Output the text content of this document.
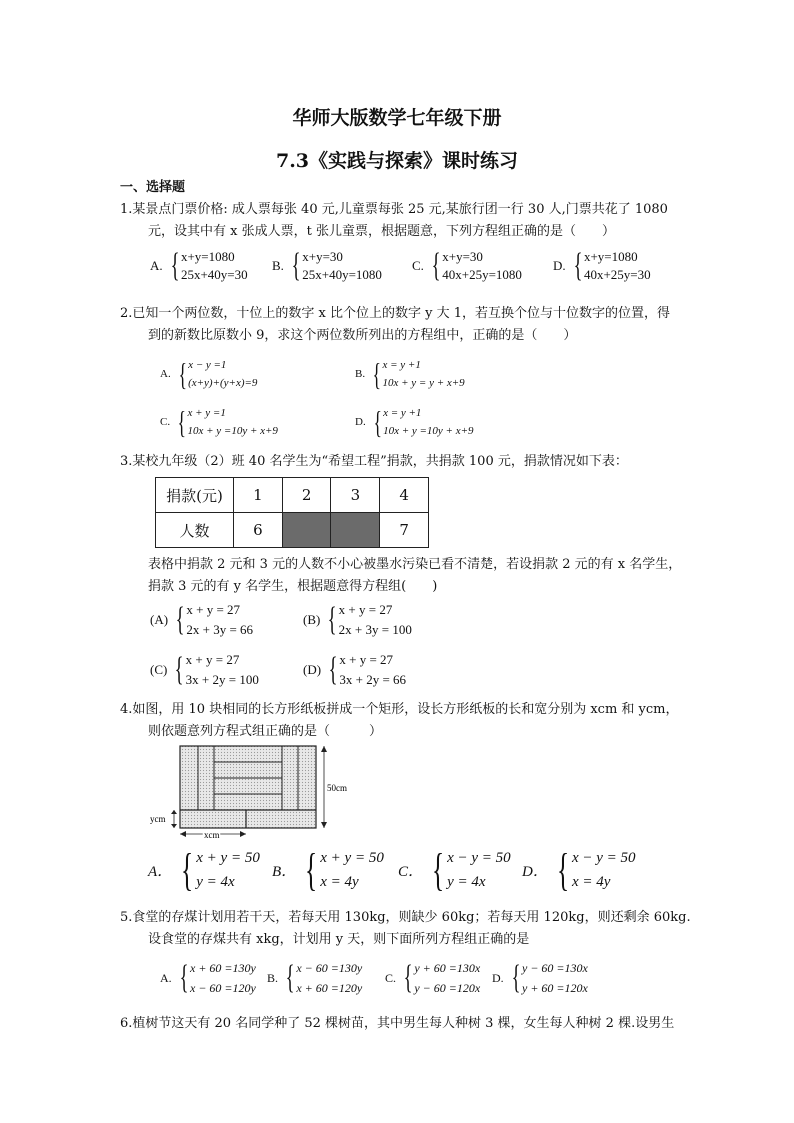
华师大版数学七年级下册
7.3《实践与探索》课时练习
一、选择题
1.某景点门票价格: 成人票每张 40 元,儿童票每张 25 元,某旅行团一行 30 人,门票共花了 1080
元，设其中有 x 张成人票，t 张儿童票，根据题意，下列方程组正确的是（　　）
A. { x+y=1080
25x+40y=30
B. { x+y=30
25x+40y=1080
C. { x+y=30
40x+25y=1080
D. { x+y=1080
40x+25y=30
2.已知一个两位数，十位上的数字 x 比个位上的数字 y 大 1，若互换个位与十位数字的位置，得
到的新数比原数小 9，求这个两位数所列出的方程组中，正确的是（　　）
A. { x − y =1
(x+y)+(y+x)=9
B. { x = y +1
10x + y = y + x+9
C. { x + y =1
10x + y =10y + x+9
D. { x = y +1
10x + y =10y + x+9
3.某校九年级（2）班 40 名学生为“希望工程”捐款，共捐款 100 元，捐款情况如下表：
捐款(元)	1	2	3	4
人数	6			7
表格中捐款 2 元和 3 元的人数不小心被墨水污染已看不清楚，若设捐款 2 元的有 x 名学生，
捐款 3 元的有 y 名学生，根据题意得方程组(　　)
(A) { x + y = 27
2x + 3y = 66
(B) { x + y = 27
2x + 3y = 100
(C) { x + y = 27
3x + 2y = 100
(D) { x + y = 27
3x + 2y = 66
4.如图，用 10 块相同的长方形纸板拼成一个矩形，设长方形纸板的长和宽分别为 xcm 和 ycm，
则依题意列方程式组正确的是（　　　）
50cm
ycm
xcm
A． { x + y = 50
y = 4x
B． { x + y = 50
x = 4y
C． { x − y = 50
y = 4x
D． { x − y = 50
x = 4y
5.食堂的存煤计划用若干天，若每天用 130kg，则缺少 60kg；若每天用 120kg，则还剩余 60kg.
设食堂的存煤共有 xkg，计划用 y 天，则下面所列方程组正确的是
A. { x + 60 =130y
x − 60 =120y
B. { x − 60 =130y
x + 60 =120y
C. { y + 60 =130x
y − 60 =120x
D. { y − 60 =130x
y + 60 =120x
6.植树节这天有 20 名同学种了 52 棵树苗，其中男生每人种树 3 棵，女生每人种树 2 棵.设男生
